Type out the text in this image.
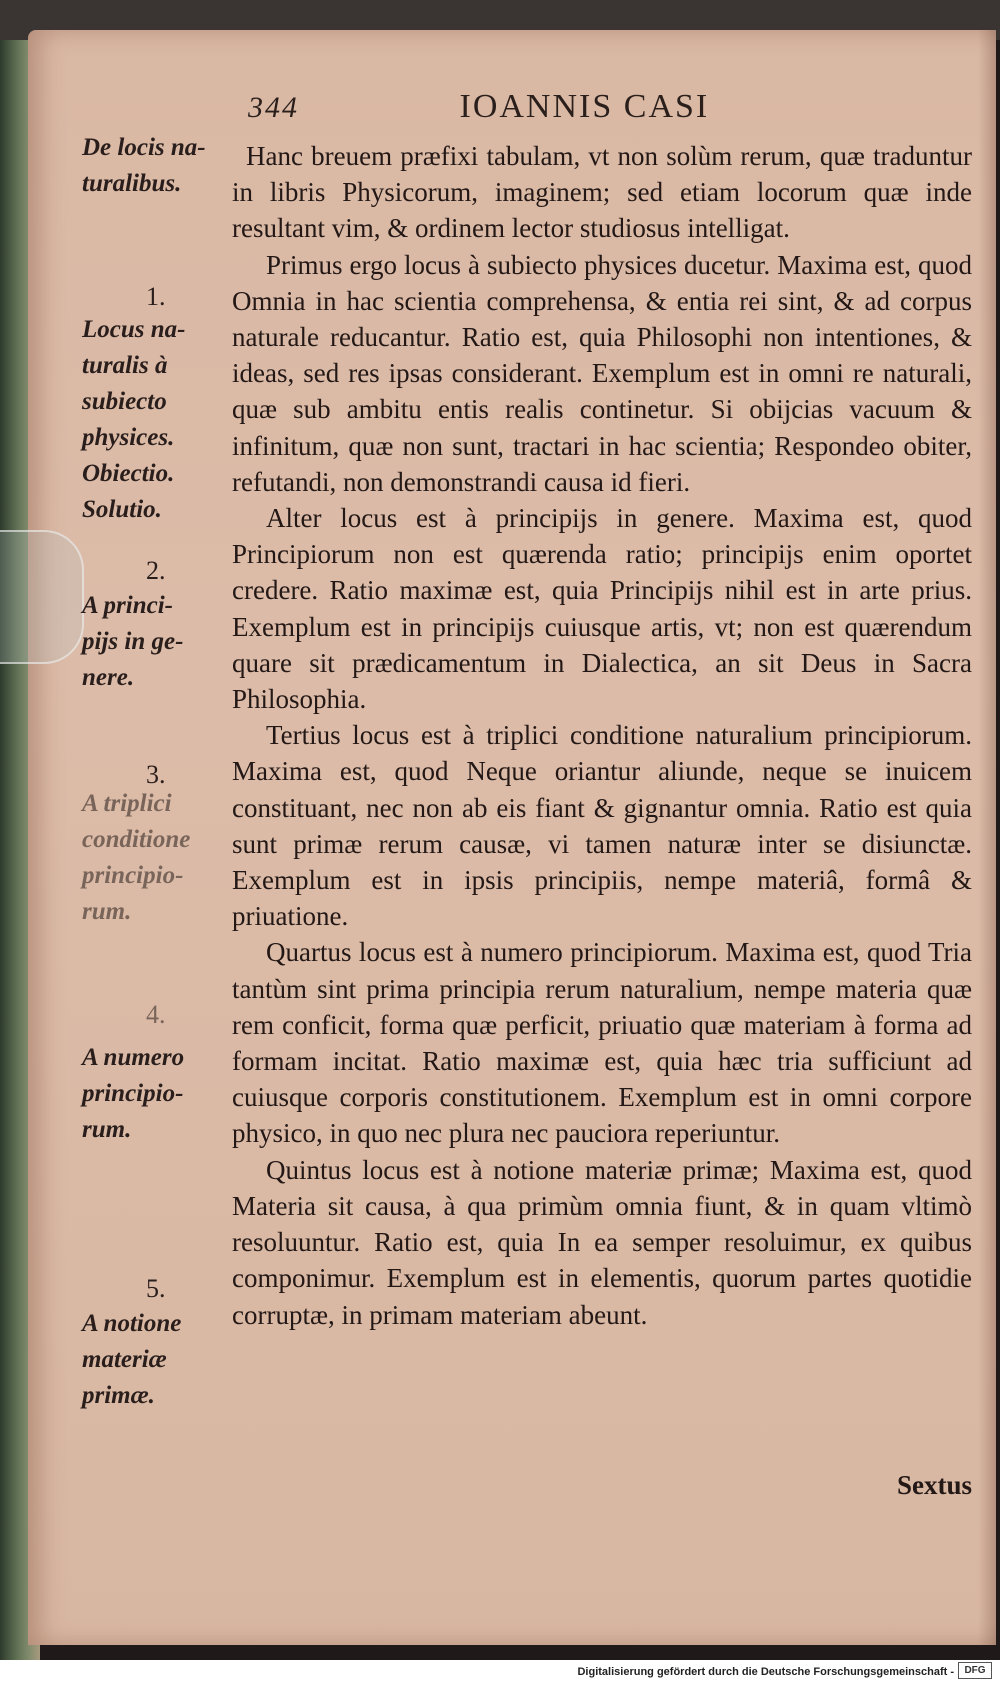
344	IOANNIS CASI
De locis na-
turalibus.
1.
Locus na-
turalis à
subiecto
physices.
Obiectio.
Solutio.
2.
A princi-
pijs in ge-
nere.
3.
A triplici
conditione
principio-
rum.
4.
A numero
principio-
rum.
5.
A notione
materiæ
primæ.

Hanc breuem præfixi tabulam, vt non solùm rerum, quæ traduntur in libris Physicorum, imaginem; sed etiam locorum quæ inde resultant vim, & ordinem lector studiosus intelligat.

Primus ergo locus à subiecto physices ducetur. Maxima est, quod Omnia in hac scientia comprehensa, & entia rei sint, & ad corpus naturale reducantur. Ratio est, quia Philosophi non intentiones, & ideas, sed res ipsas considerant. Exemplum est in omni re naturali, quæ sub ambitu entis realis continetur. Si obijcias vacuum & infinitum, quæ non sunt, tractari in hac scientia; Respondeo obiter, refutandi, non demonstrandi causa id fieri.

Alter locus est à principijs in genere. Maxima est, quod Principiorum non est quærenda ratio; principijs enim oportet credere. Ratio maximæ est, quia Principijs nihil est in arte prius. Exemplum est in principijs cuiusque artis, vt; non est quærendum quare sit prædicamentum in Dialectica, an sit Deus in Sacra Philosophia.

Tertius locus est à triplici conditione naturalium principiorum. Maxima est, quod Neque oriantur aliunde, neque se inuicem constituant, nec non ab eis fiant & gignantur omnia. Ratio est quia sunt primæ rerum causæ, vi tamen naturæ inter se disiunctæ. Exemplum est in ipsis principiis, nempe materiâ, formâ & priuatione.

Quartus locus est à numero principiorum. Maxima est, quod Tria tantùm sint prima principia rerum naturalium, nempe materia quæ rem conficit, forma quæ perficit, priuatio quæ materiam à forma ad formam incitat. Ratio maximæ est, quia hæc tria sufficiunt ad cuiusque corporis constitutionem. Exemplum est in omni corpore physico, in quo nec plura nec pauciora reperiuntur.

Quintus locus est à notione materiæ primæ; Maxima est, quod Materia sit causa, à qua primùm omnia fiunt, & in quam vltimò resoluuntur. Ratio est, quia In ea semper resoluimur, ex quibus componimur. Exemplum est in elementis, quorum partes quotidie corruptæ, in primam materiam abeunt.

Sextus
Digitalisierung gefördert durch die Deutsche Forschungsgemeinschaft -	DFG
